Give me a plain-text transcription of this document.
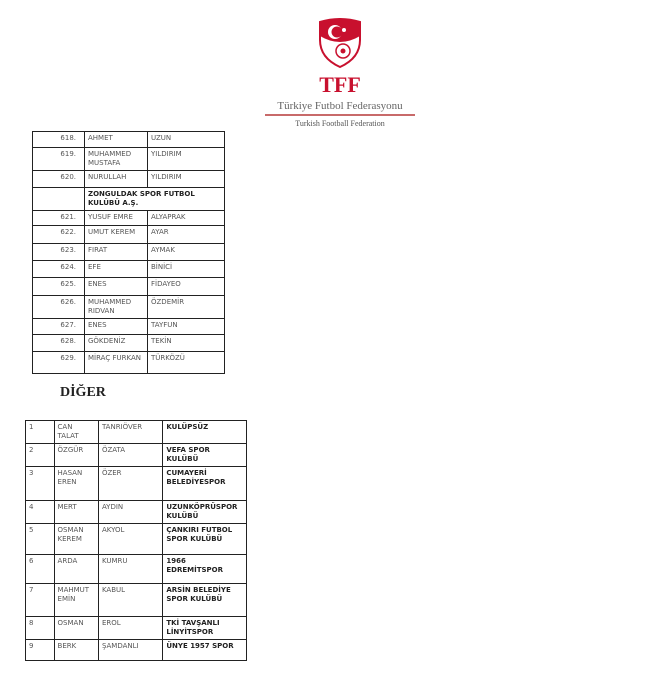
TFF
Türkiye Futbol Federasyonu
Turkish Football Federation
618.	AHMET	UZUN
619.	MUHAMMED MUSTAFA	YILDIRIM
620.	NURULLAH	YILDIRIM
	ZONGULDAK SPOR FUTBOL KULÜBÜ A.Ş.	
621.	YUSUF EMRE	ALYAPRAK
622.	UMUT KEREM	AYAR
623.	FIRAT	AYMAK
624.	EFE	BİNİCİ
625.	ENES	FİDAYEO
626.	MUHAMMED RIDVAN	ÖZDEMİR
627.	ENES	TAYFUN
628.	GÖKDENİZ	TEKİN
629.	MİRAÇ FURKAN	TÜRKÖZÜ
DİĞER
1	CAN TALAT	TANRIÖVER	KULÜPSÜZ
2	ÖZGÜR	ÖZATA	VEFA SPOR KULÜBÜ
3	HASAN EREN	ÖZER	CUMAYERİ BELEDİYESPOR
4	MERT	AYDIN	UZUNKÖPRÜSPOR KULÜBÜ
5	OSMAN KEREM	AKYOL	ÇANKIRI FUTBOL SPOR KULÜBÜ
6	ARDA	KUMRU	1966 EDREMİTSPOR
7	MAHMUT EMİN	KABUL	ARSİN BELEDİYE SPOR KULÜBÜ
8	OSMAN	EROL	TKİ TAVŞANLI LİNYİTSPOR
9	BERK	ŞAMDANLI	ÜNYE 1957 SPOR
